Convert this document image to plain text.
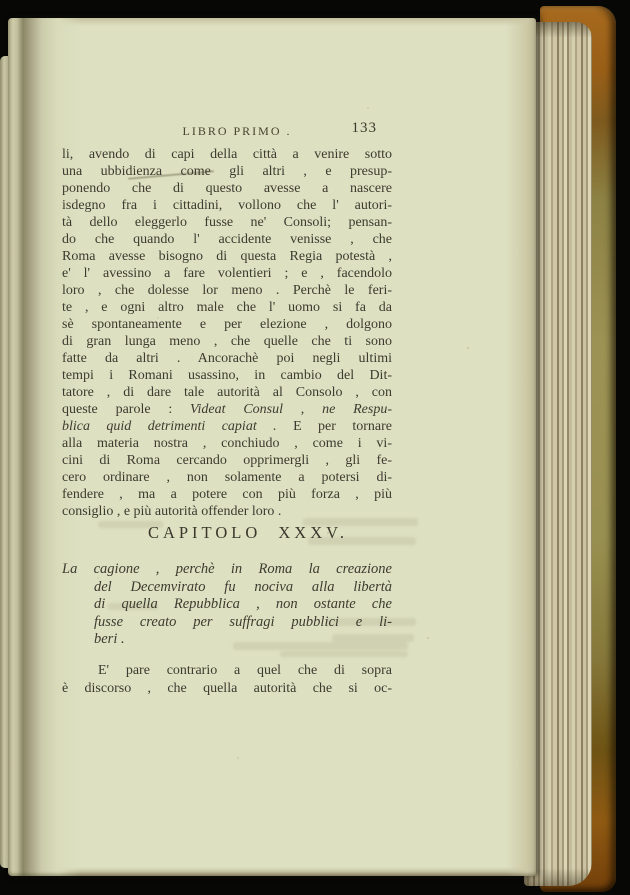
LIBRO PRIMO .	133
li, avendo di capi della città a venire sotto
una ubbidienza come gli altri , e presup-
ponendo che di questo avesse a nascere
isdegno fra i cittadini, vollono che l' autori-
tà dello eleggerlo fusse ne' Consoli; pensan-
do che quando l' accidente venisse , che
Roma avesse bisogno di questa Regia potestà ,
e' l' avessino a fare volentieri ; e , facendolo
loro , che dolesse lor meno . Perchè le feri-
te , e ogni altro male che l' uomo si fa da
sè spontaneamente e per elezione , dolgono
di gran lunga meno , che quelle che ti sono
fatte da altri . Ancorachè poi negli ultimi
tempi i Romani usassino, in cambio del Dit-
tatore , di dare tale autorità al Consolo , con
queste parole : Videat Consul , ne Respu-
blica quid detrimenti capiat . E per tornare
alla materia nostra , conchiudo , come i vi-
cini di Roma cercando opprimergli , gli fe-
cero ordinare , non solamente a potersi di-
fendere , ma a potere con più forza , più
consiglio , e più autorità offender loro .
CAPITOLO XXXV.
La cagione , perchè in Roma la creazione
del Decemvirato fu nociva alla libertà
di quella Repubblica , non ostante che
fusse creato per suffragi pubblici e li-
beri .
E' pare contrario a quel che di sopra
è discorso , che quella autorità che si oc-
